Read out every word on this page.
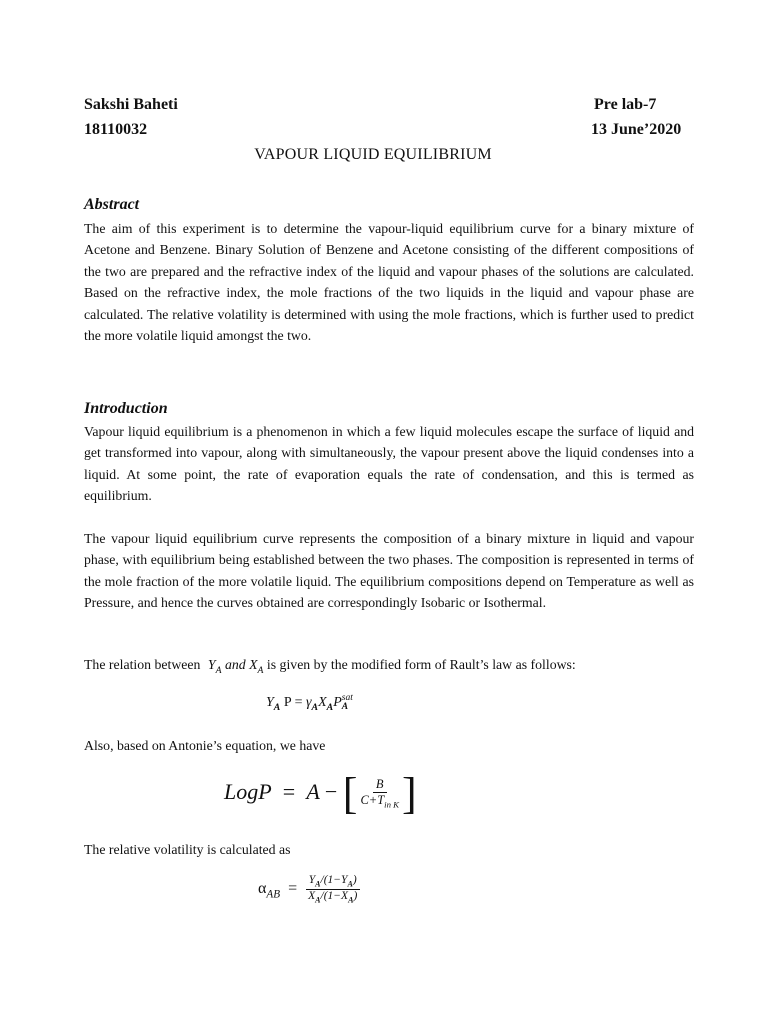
Sakshi Baheti
18110032
Pre lab-7
13 June’2020
VAPOUR LIQUID EQUILIBRIUM
Abstract

The aim of this experiment is to determine the vapour-liquid equilibrium curve for a binary mixture of Acetone and Benzene. Binary Solution of Benzene and Acetone consisting of the different compositions of the two are prepared and the refractive index of the liquid and vapour phases of the solutions are calculated. Based on the refractive index, the mole fractions of the two liquids in the liquid and vapour phase are calculated. The relative volatility is determined with using the mole fractions, which is further used to predict the more volatile liquid amongst the two.

Introduction

Vapour liquid equilibrium is a phenomenon in which a few liquid molecules escape the surface of liquid and get transformed into vapour, along with simultaneously, the vapour present above the liquid condenses into a liquid. At some point, the rate of evaporation equals the rate of condensation, and this is termed as equilibrium.

The vapour liquid equilibrium curve represents the composition of a binary mixture in liquid and vapour phase, with equilibrium being established between the two phases. The composition is represented in terms of the mole fraction of the more volatile liquid. The equilibrium compositions depend on Temperature as well as Pressure, and hence the curves obtained are correspondingly Isobaric or Isothermal.

The relation between $Y_A$ and $X_A$ is given by the modified form of Rault’s law as follows:
$Y_A$ $P = \gamma_AX_AP$ sat
A
Also, based on Antonie’s equation, we have
LogP = A − [ $\frac{B}{C+T_{in K}}$ ]
The relative volatility is calculated as
$\alpha_{AB} = \frac{Y_A/(1-Y_A)}{X_A/(1-X_A)}$
